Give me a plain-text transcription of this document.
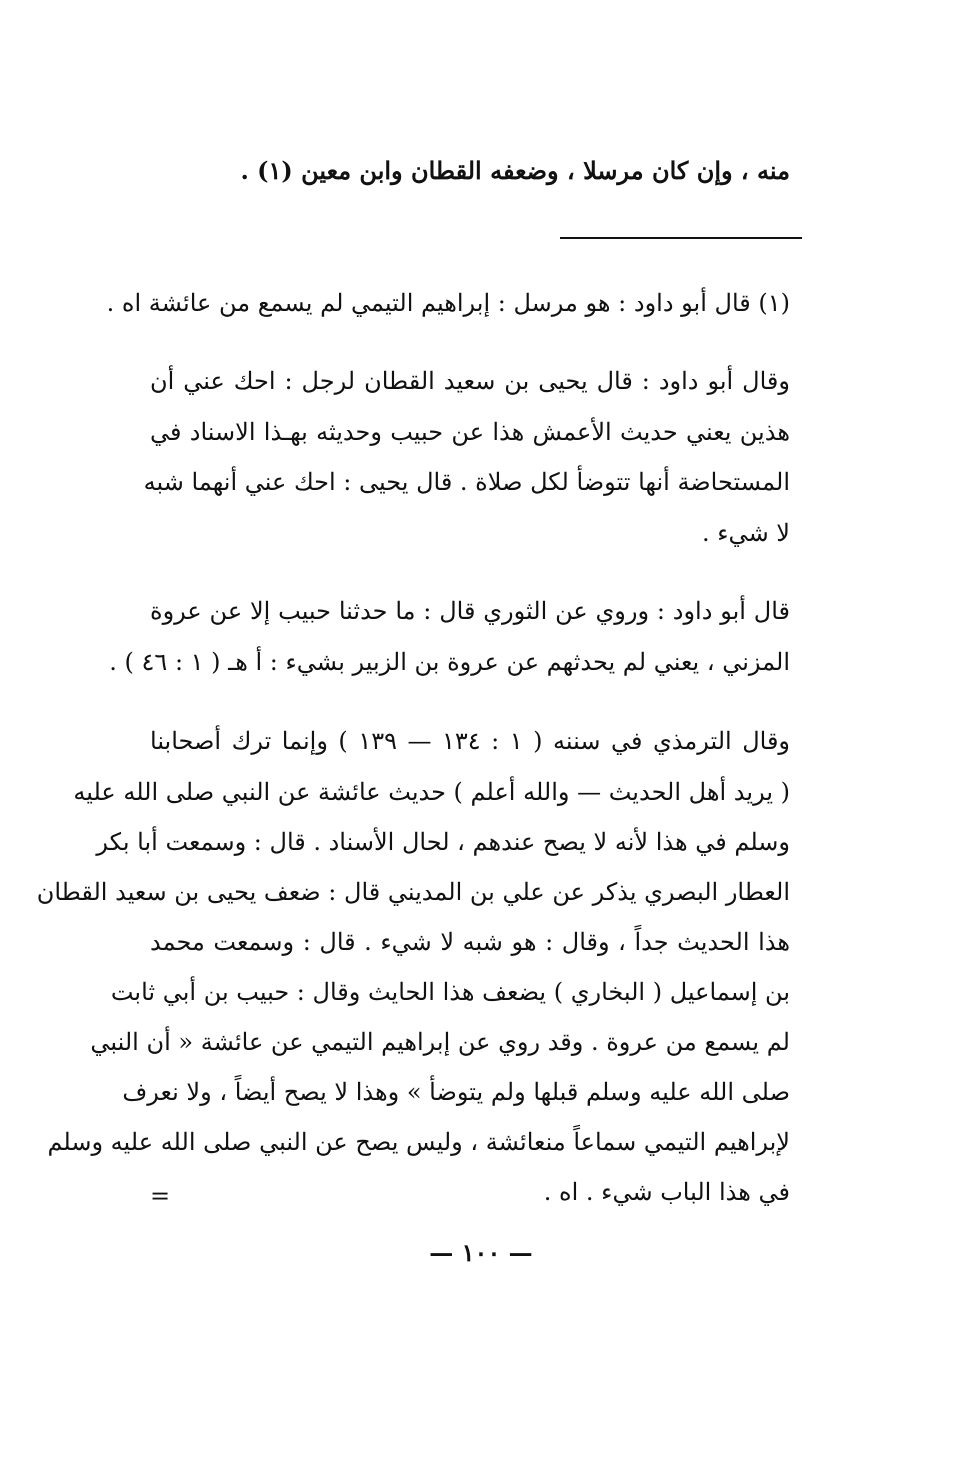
منه ، وإن كان مرسلا ، وضعفه القطان وابن معين (١) .
(١) قال أبو داود : هو مرسل : إبراهيم التيمي لم يسمع من عائشة اه .
وقال أبو داود : قال يحيى بن سعيد القطان لرجل : احك عني أن
هذين يعني حديث الأعمش هذا عن حبيب وحديثه بهـذا الاسناد في
المستحاضة أنها تتوضأ لكل صلاة . قال يحيى : احك عني أنهما شبه
لا شيء .
قال أبو داود : وروي عن الثوري قال : ما حدثنا حبيب إلا عن عروة
المزني ، يعني لم يحدثهم عن عروة بن الزبير بشيء : أ هـ ( ١ : ٤٦ ) .
وقال الترمذي في سننه ( ١ : ١٣٤ — ١٣٩ ) وإنما ترك أصحابنا
( يريد أهل الحديث — والله أعلم ) حديث عائشة عن النبي صلى الله عليه
وسلم في هذا لأنه لا يصح عندهم ، لحال الأسناد . قال : وسمعت أبا بكر
العطار البصري يذكر عن علي بن المديني قال : ضعف يحيى بن سعيد القطان
هذا الحديث جداً ، وقال : هو شبه لا شيء . قال : وسمعت محمد
بن إسماعيل ( البخاري ) يضعف هذا الحايث وقال : حبيب بن أبي ثابت
لم يسمع من عروة . وقد روي عن إبراهيم التيمي عن عائشة « أن النبي
صلى الله عليه وسلم قبلها ولم يتوضأ » وهذا لا يصح أيضاً ، ولا نعرف
لإبراهيم التيمي سماعاً منعائشة ، وليس يصح عن النبي صلى الله عليه وسلم
في هذا الباب شيء . اه .
=
— ١٠٠ —
